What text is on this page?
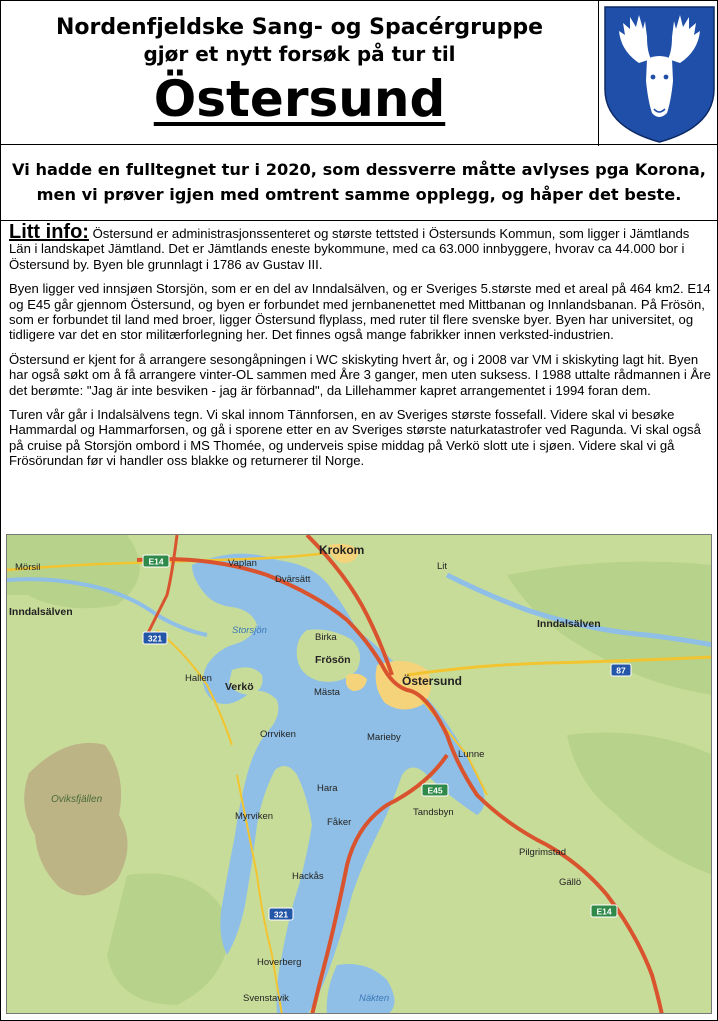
Nordenfjeldske Sang- og Spacérgruppe
gjør et nytt forsøk på tur til
Östersund
Vi hadde en fulltegnet tur i 2020, som dessverre måtte avlyses pga Korona,
men vi prøver igjen med omtrent samme opplegg, og håper det beste.

Litt info: Östersund er administrasjonssenteret og største tettsted i Östersunds Kommun, som ligger i Jämtlands Län i landskapet Jämtland. Det er Jämtlands eneste bykommune, med ca 63.000 innbyggere, hvorav ca 44.000 bor i Östersund by. Byen ble grunnlagt i 1786 av Gustav III.

Byen ligger ved innsjøen Storsjön, som er en del av Inndalsälven, og er Sveriges 5.største med et areal på 464 km2. E14 og E45 går gjennom Östersund, og byen er forbundet med jernbanenettet med Mittbanan og Innlandsbanan. På Frösön, som er forbundet til land med broer, ligger Östersund flyplass, med ruter til flere svenske byer. Byen har universitet, og tidligere var det en stor militærforlegning her. Det finnes også mange fabrikker innen verksted-industrien.

Östersund er kjent for å arrangere sesongåpningen i WC skiskyting hvert år, og i 2008 var VM i skiskyting lagt hit. Byen har også søkt om å få arrangere vinter-OL sammen med Åre 3 ganger, men uten suksess. I 1988 uttalte rådmannen i Åre det berømte: "Jag är inte besviken - jag är förbannad", da Lillehammer kapret arrangementet i 1994 foran dem.

Turen vår går i Indalsälvens tegn. Vi skal innom Tännforsen, en av Sveriges største fossefall. Videre skal vi besøke Hammardal og Hammarforsen, og gå i sporene etter en av Sveriges største naturkatastrofer ved Ragunda. Vi skal også på cruise på Storsjön ombord i MS Thomée, og underveis spise middag på Verkö slott ute i sjøen. Videre skal vi gå Frösörundan før vi handler oss blakke og returnerer til Norge.

E14
321
87
E45
321	E14
Mörsil
Krokom
Vaplan
Dvärsätt
Lit
Inndalsälven
Inndalsälven
Storsjön
Birka
Hallen
Frösön
Östersund
Verkö	Mästa
Orrviken	Marieby
Lunne
Oviksfjällen
Hara
Tandsbyn
Myrviken
Fåker
Pilgrimstad
Hackås
Gällö
Hoverberg
Svenstavik	Näkten
